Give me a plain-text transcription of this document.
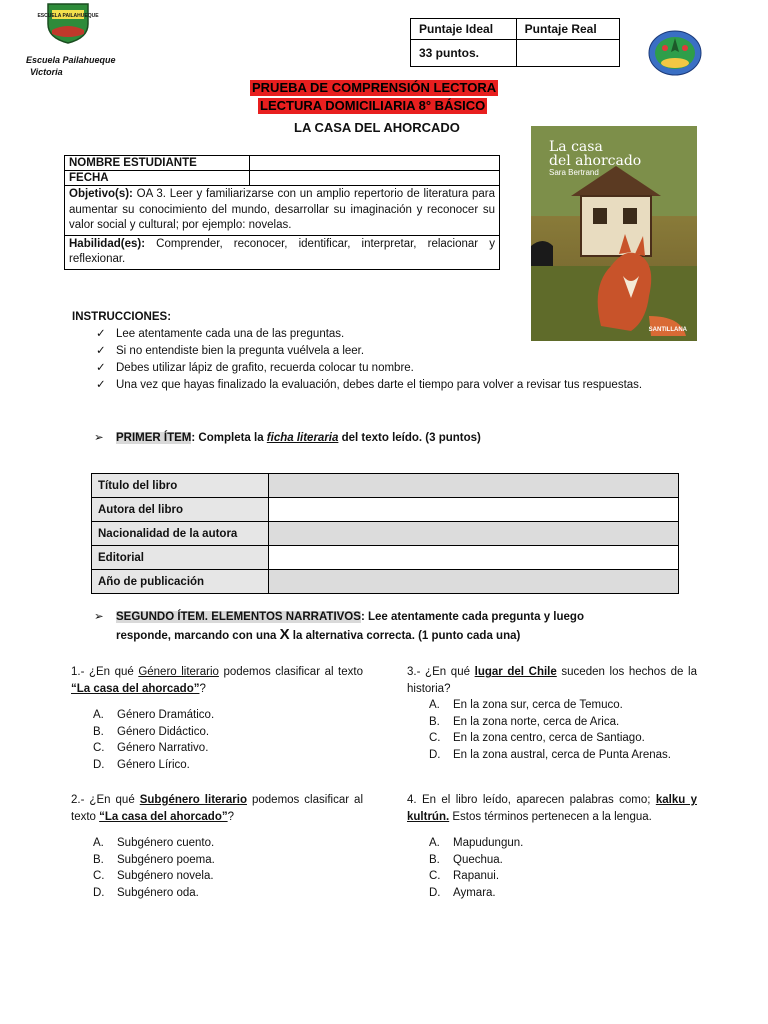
ESCUELA PAILAHUEQUE
Escuela Pailahueque
Victoria
Puntaje Ideal	Puntaje Real
33 puntos.	
PRUEBA DE COMPRENSIÓN LECTORA
LECTURA DOMICILIARIA 8° BÁSICO
LA CASA DEL AHORCADO
NOMBRE ESTUDIANTE	
FECHA	
Objetivo(s): OA 3. Leer y familiarizarse con un amplio repertorio de literatura para aumentar su conocimiento del mundo, desarrollar su imaginación y reconocer su valor social y cultural; por ejemplo: novelas.	
Habilidad(es): Comprender, reconocer, identificar, interpretar, relacionar y reflexionar.	
La casa
del ahorcado
Sara Bertrand
SANTILLANA
INSTRUCCIONES:
✓ Lee atentamente cada una de las preguntas.
✓ Si no entendiste bien la pregunta vuélvela a leer.
✓ Debes utilizar lápiz de grafito, recuerda colocar tu nombre.
✓ Una vez que hayas finalizado la evaluación, debes darte el tiempo para volver a revisar tus respuestas.
➢ PRIMER ÍTEM: Completa la ficha literaria del texto leído. (3 puntos)
Título del libro	
Autora del libro	
Nacionalidad de la autora	
Editorial	
Año de publicación	
➢ SEGUNDO ÍTEM. ELEMENTOS NARRATIVOS: Lee atentamente cada pregunta y luego
responde, marcando con una X la alternativa correcta. (1 punto cada una)
1.- ¿En qué Género literario podemos clasificar al texto “La casa del ahorcado”?
A.	Género Dramático.
B.	Género Didáctico.
C.	Género Narrativo.
D.	Género Lírico.
2.- ¿En qué Subgénero literario podemos clasificar al texto “La casa del ahorcado”?
A.	Subgénero cuento.
B.	Subgénero poema.
C.	Subgénero novela.
D.	Subgénero oda.
3.- ¿En qué lugar del Chile suceden los hechos de la historia?
A.	En la zona sur, cerca de Temuco.
B.	En la zona norte, cerca de Arica.
C.	En la zona centro, cerca de Santiago.
D.	En la zona austral, cerca de Punta Arenas.
4. En el libro leído, aparecen palabras como; kalku y kultrún. Estos términos pertenecen a la lengua.
A.	Mapudungun.
B.	Quechua.
C.	Rapanui.
D.	Aymara.
